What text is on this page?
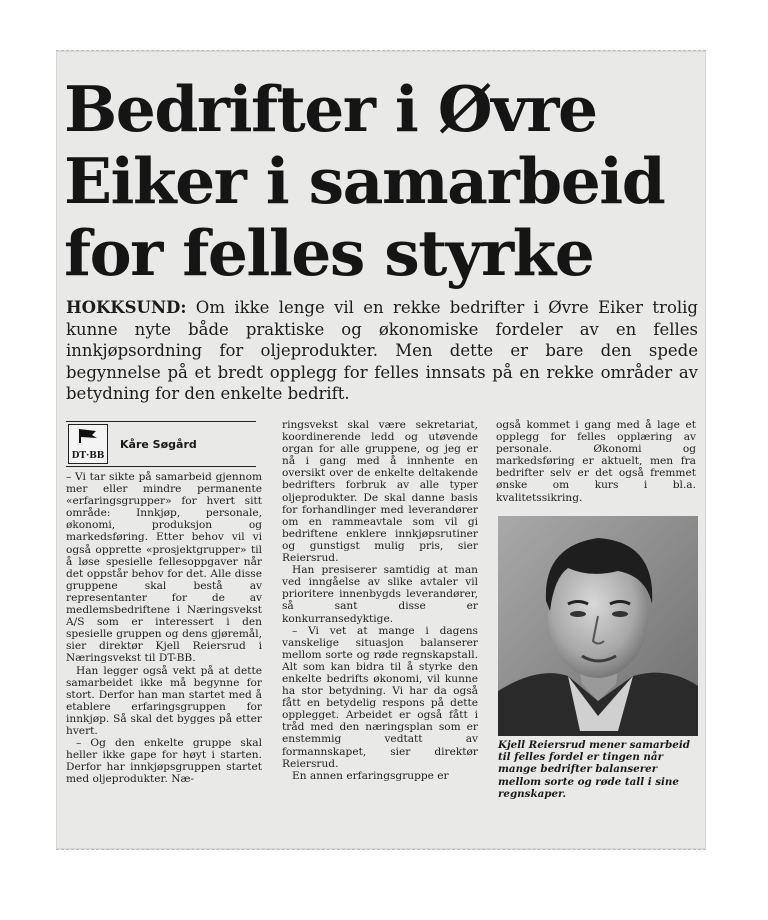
Bedrifter i Øvre Eiker i samarbeid for felles styrke

HOKKSUND: Om ikke lenge vil en rekke bedrifter i Øvre Eiker trolig kunne nyte både praktiske og økonomiske fordeler av en felles innkjøpsordning for oljeprodukter. Men dette er bare den spede begynnelse på et bredt opplegg for felles innsats på en rekke områder av betydning for den enkelte bedrift.

DT·BB
Kåre Søgård

– Vi tar sikte på samarbeid gjennom mer eller mindre permanente «erfaringsgrupper» for hvert sitt område: Innkjøp, personale, økonomi, produksjon og markedsføring. Etter behov vil vi også opprette «prosjektgrupper» til å løse spesielle fellesoppgaver når det oppstår behov for det. Alle disse gruppene skal bestå av representanter for de av medlemsbedriftene i Næringsvekst A/S som er interessert i den spesielle gruppen og dens gjøremål, sier direktør Kjell Reiersrud i Næringsvekst til DT-BB.

Han legger også vekt på at dette samarbeidet ikke må begynne for stort. Derfor han man startet med å etablere erfaringsgruppen for innkjøp. Så skal det bygges på etter hvert.

– Og den enkelte gruppe skal heller ikke gape for høyt i starten. Derfor har innkjøpsgruppen startet med oljeprodukter. Næ-

ringsvekst skal være sekretariat, koordinerende ledd og utøvende organ for alle gruppene, og jeg er nå i gang med å innhente en oversikt over de enkelte deltakende bedrifters forbruk av alle typer oljeprodukter. De skal danne basis for forhandlinger med leverandører om en rammeavtale som vil gi bedriftene enklere innkjøpsrutiner og gunstigst mulig pris, sier Reiersrud.

Han presiserer samtidig at man ved inngåelse av slike avtaler vil prioritere innenbygds leverandører, så sant disse er konkurransedyktige.

– Vi vet at mange i dagens vanskelige situasjon balanserer mellom sorte og røde regnskapstall. Alt som kan bidra til å styrke den enkelte bedrifts økonomi, vil kunne ha stor betydning. Vi har da også fått en betydelig respons på dette opplegget. Arbeidet er også fått i tråd med den næringsplan som er enstemmig vedtatt av formannskapet, sier direktør Reiersrud.

En annen erfaringsgruppe er

også kommet i gang med å lage et opplegg for felles opplæring av personale. Økonomi og markedsføring er aktuelt, men fra bedrifter selv er det også fremmet ønske om kurs i bl.a. kvalitetssikring.

Kjell Reiersrud mener samarbeid til felles fordel er tingen når mange bedrifter balanserer mellom sorte og røde tall i sine regnskaper.
